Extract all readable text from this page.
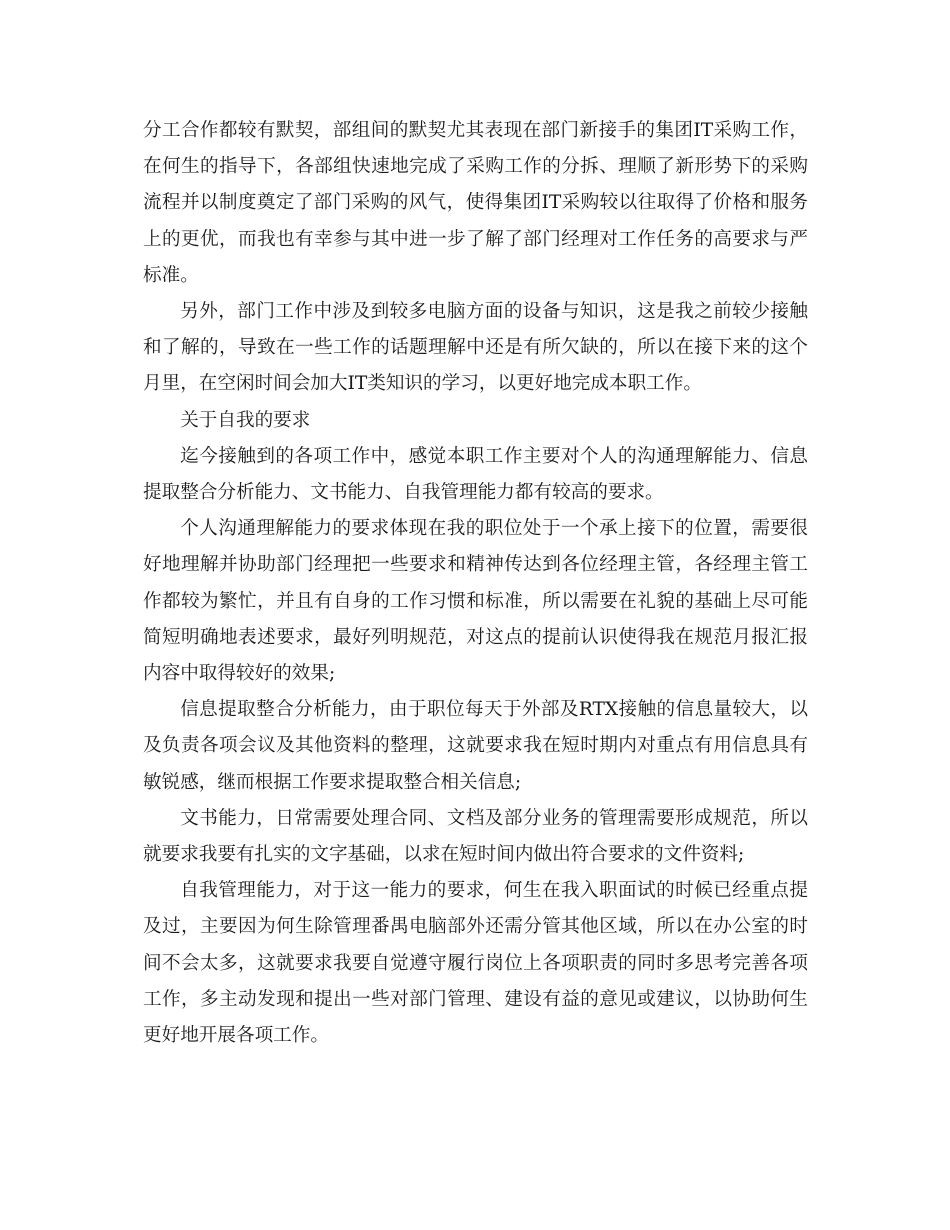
分工合作都较有默契，部组间的默契尤其表现在部门新接手的集团IT采购工作，在何生的指导下，各部组快速地完成了采购工作的分拆、理顺了新形势下的采购流程并以制度奠定了部门采购的风气，使得集团IT采购较以往取得了价格和服务上的更优，而我也有幸参与其中进一步了解了部门经理对工作任务的高要求与严标准。

另外，部门工作中涉及到较多电脑方面的设备与知识，这是我之前较少接触和了解的，导致在一些工作的话题理解中还是有所欠缺的，所以在接下来的这个月里，在空闲时间会加大IT类知识的学习，以更好地完成本职工作。

关于自我的要求

迄今接触到的各项工作中，感觉本职工作主要对个人的沟通理解能力、信息提取整合分析能力、文书能力、自我管理能力都有较高的要求。

个人沟通理解能力的要求体现在我的职位处于一个承上接下的位置，需要很好地理解并协助部门经理把一些要求和精神传达到各位经理主管，各经理主管工作都较为繁忙，并且有自身的工作习惯和标准，所以需要在礼貌的基础上尽可能简短明确地表述要求，最好列明规范，对这点的提前认识使得我在规范月报汇报内容中取得较好的效果;

信息提取整合分析能力，由于职位每天于外部及RTX接触的信息量较大，以及负责各项会议及其他资料的整理，这就要求我在短时期内对重点有用信息具有敏锐感，继而根据工作要求提取整合相关信息;

文书能力，日常需要处理合同、文档及部分业务的管理需要形成规范，所以就要求我要有扎实的文字基础，以求在短时间内做出符合要求的文件资料;

自我管理能力，对于这一能力的要求，何生在我入职面试的时候已经重点提及过，主要因为何生除管理番禺电脑部外还需分管其他区域，所以在办公室的时间不会太多，这就要求我要自觉遵守履行岗位上各项职责的同时多思考完善各项工作，多主动发现和提出一些对部门管理、建设有益的意见或建议，以协助何生更好地开展各项工作。
